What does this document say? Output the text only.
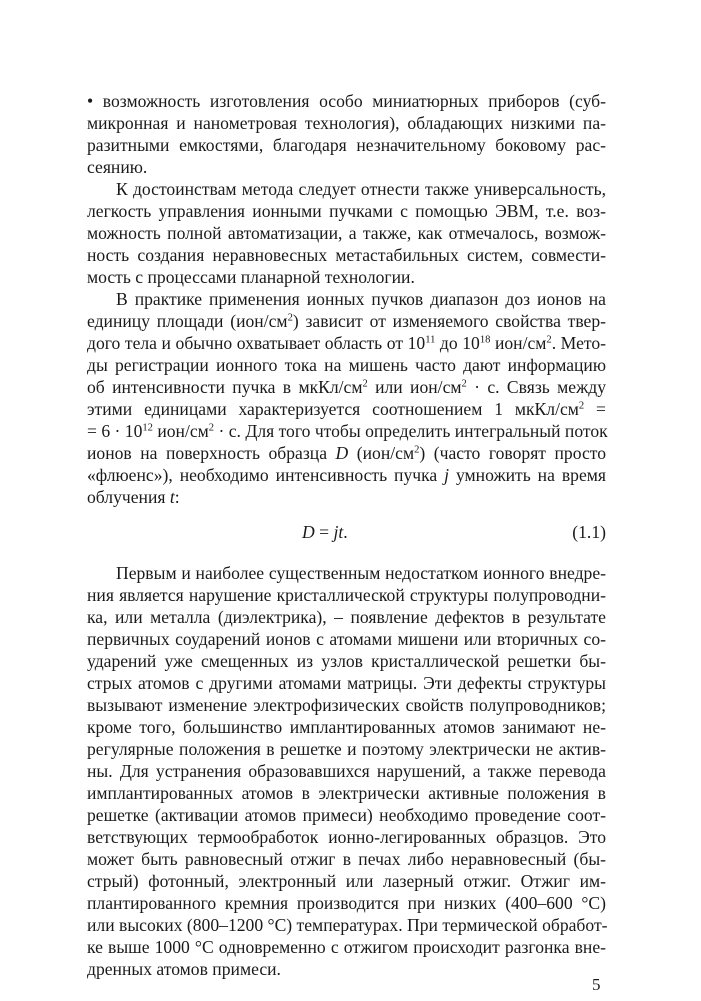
• возможность изготовления особо миниатюрных приборов (суб-
микронная и нанометровая технология), обладающих низкими па-
разитными емкостями, благодаря незначительному боковому рас-
сеянию.
К достоинствам метода следует отнести также универсальность,
легкость управления ионными пучками с помощью ЭВМ, т.е. воз-
можность полной автоматизации, а также, как отмечалось, возмож-
ность создания неравновесных метастабильных систем, совмести-
мость с процессами планарной технологии.
В практике применения ионных пучков диапазон доз ионов на
единицу площади $(ион/см^2)$ зависит от изменяемого свойства твер-
дого тела и обычно охватывает область от $10^{11}$ до $10^{18}$ ион/$см^2$. Мето-
ды регистрации ионного тока на мишень часто дают информацию
об интенсивности пучка в мкКл/$см^2$ или ион/$см^2 \cdot с$. Связь между
этими единицами характеризуется соотношением 1 мкКл/$см^2$ =
= $6 \cdot 10^{12}$ ион/$см^2 \cdot с$. Для того чтобы определить интегральный поток
ионов на поверхность образца D $(ион/см^2)$ (часто говорят просто
«флюенс»), необходимо интенсивность пучка j умножить на время
облучения t:
D = jt.	(1.1)
Первым и наиболее существенным недостатком ионного внедре-
ния является нарушение кристаллической структуры полупроводни-
ка, или металла (диэлектрика), – появление дефектов в результате
первичных соударений ионов с атомами мишени или вторичных со-
ударений уже смещенных из узлов кристаллической решетки бы-
стрых атомов с другими атомами матрицы. Эти дефекты структуры
вызывают изменение электрофизических свойств полупроводников;
кроме того, большинство имплантированных атомов занимают не-
регулярные положения в решетке и поэтому электрически не актив-
ны. Для устранения образовавшихся нарушений, а также перевода
имплантированных атомов в электрически активные положения в
решетке (активации атомов примеси) необходимо проведение соот-
ветствующих термообработок ионно-легированных образцов. Это
может быть равновесный отжиг в печах либо неравновесный (бы-
стрый) фотонный, электронный или лазерный отжиг. Отжиг им-
плантированного кремния производится при низких (400–600 °С)
или высоких (800–1200 °С) температурах. При термической обработ-
ке выше 1000 °С одновременно с отжигом происходит разгонка вне-
дренных атомов примеси.
5
